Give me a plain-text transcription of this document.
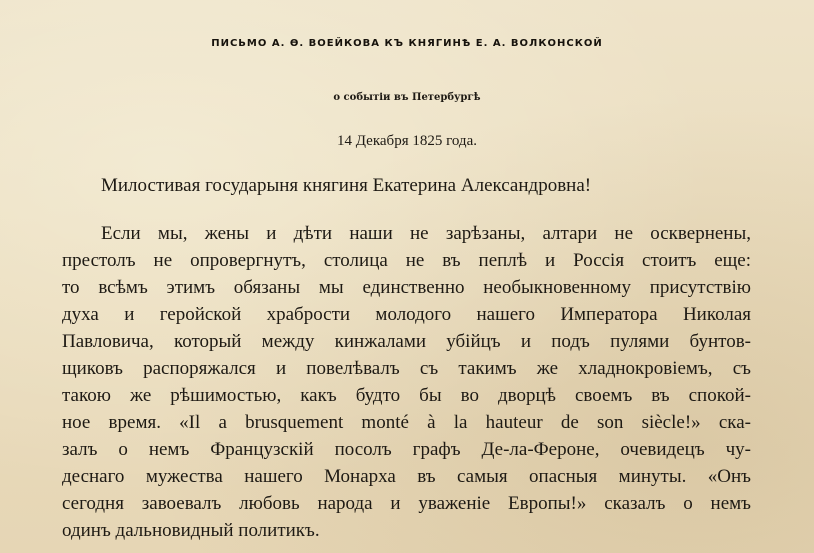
ПИСЬМО А. Ѳ. ВОЕЙКОВА КЪ КНЯГИНѢ Е. А. ВОЛКОНСКОЙ
о событіи въ Петербургѣ
14 Декабря 1825 года.
Милостивая государыня княгиня Екатерина Александровна!
Если мы, жены и дѣти наши не зарѣзаны, алтари не осквернены,
престолъ не опровергнутъ, столица не въ пеплѣ и Россія стоитъ еще:
то всѣмъ этимъ обязаны мы единственно необыкновенному присутствію
духа и геройской храбрости молодого нашего Императора Николая
Павловича, который между кинжалами убійцъ и подъ пулями бунтов-
щиковъ распоряжался и повелѣвалъ съ такимъ же хладнокровіемъ, съ
такою же рѣшимостью, какъ будто бы во дворцѣ своемъ въ спокой-
ное время. «Il a brusquement monté à la hauteur de son siècle!» ска-
залъ о немъ Французскій посолъ графъ Де-ла-Фероне, очевидецъ чу-
деснаго мужества нашего Монарха въ самыя опасныя минуты. «Онъ
сегодня завоевалъ любовь народа и уваженіе Европы!» сказалъ о немъ
одинъ дальновидный политикъ.
